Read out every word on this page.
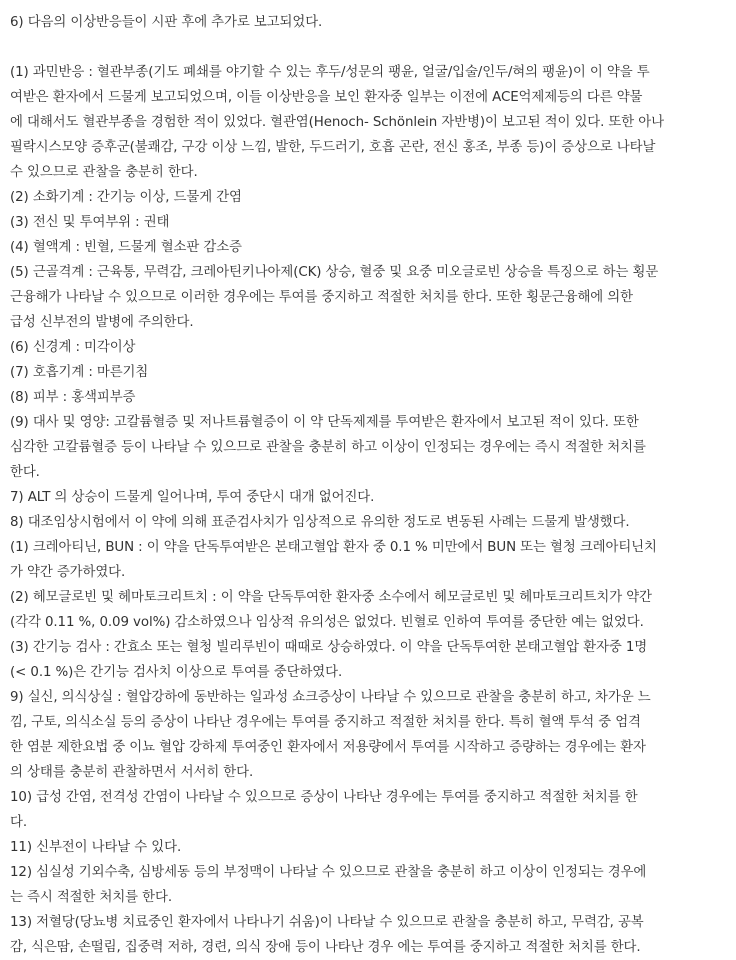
6) 다음의 이상반응들이 시판 후에 추가로 보고되었다.
(1) 과민반응 : 혈관부종(기도 폐쇄를 야기할 수 있는 후두/성문의 팽윤, 얼굴/입술/인두/혀의 팽윤)이 이 약을 투
여받은 환자에서 드물게 보고되었으며, 이들 이상반응을 보인 환자중 일부는 이전에 ACE억제제등의 다른 약물
에 대해서도 혈관부종을 경험한 적이 있었다. 혈관염(Henoch- Schönlein 자반병)이 보고된 적이 있다. 또한 아나
필락시스모양 증후군(불쾌감, 구강 이상 느낌, 발한, 두드러기, 호흡 곤란, 전신 홍조, 부종 등)이 증상으로 나타날
수 있으므로 관찰을 충분히 한다.
(2) 소화기계 : 간기능 이상, 드물게 간염
(3) 전신 및 투여부위 : 권태
(4) 혈액계 : 빈혈, 드물게 혈소판 감소증
(5) 근골격계 : 근육통, 무력감, 크레아틴키나아제(CK) 상승, 혈중 및 요중 미오글로빈 상승을 특징으로 하는 횡문
근융해가 나타날 수 있으므로 이러한 경우에는 투여를 중지하고 적절한 처치를 한다. 또한 횡문근융해에 의한
급성 신부전의 발병에 주의한다.
(6) 신경계 : 미각이상
(7) 호흡기계 : 마른기침
(8) 피부 : 홍색피부증
(9) 대사 및 영양: 고칼륨혈증 및 저나트륨혈증이 이 약 단독제제를 투여받은 환자에서 보고된 적이 있다. 또한
심각한 고칼륨혈증 등이 나타날 수 있으므로 관찰을 충분히 하고 이상이 인정되는 경우에는 즉시 적절한 처치를
한다.
7) ALT 의 상승이 드물게 일어나며, 투여 중단시 대개 없어진다.
8) 대조임상시험에서 이 약에 의해 표준검사치가 임상적으로 유의한 정도로 변동된 사례는 드물게 발생했다.
(1) 크레아티닌, BUN : 이 약을 단독투여받은 본태고혈압 환자 중 0.1 % 미만에서 BUN 또는 혈청 크레아티닌치
가 약간 증가하였다.
(2) 헤모글로빈 및 헤마토크리트치 : 이 약을 단독투여한 환자중 소수에서 헤모글로빈 및 헤마토크리트치가 약간
(각각 0.11 %, 0.09 vol%) 감소하였으나 임상적 유의성은 없었다. 빈혈로 인하여 투여를 중단한 예는 없었다.
(3) 간기능 검사 : 간효소 또는 혈청 빌리루빈이 때때로 상승하였다. 이 약을 단독투여한 본태고혈압 환자중 1명
(< 0.1 %)은 간기능 검사치 이상으로 투여를 중단하였다.
9) 실신, 의식상실 : 혈압강하에 동반하는 일과성 쇼크증상이 나타날 수 있으므로 관찰을 충분히 하고, 차가운 느
낌, 구토, 의식소실 등의 증상이 나타난 경우에는 투여를 중지하고 적절한 처치를 한다. 특히 혈액 투석 중 엄격
한 염분 제한요법 중 이뇨 혈압 강하제 투여중인 환자에서 저용량에서 투여를 시작하고 증량하는 경우에는 환자
의 상태를 충분히 관찰하면서 서서히 한다.
10) 급성 간염, 전격성 간염이 나타날 수 있으므로 증상이 나타난 경우에는 투여를 중지하고 적절한 처치를 한
다.
11) 신부전이 나타날 수 있다.
12) 심실성 기외수축, 심방세동 등의 부정맥이 나타날 수 있으므로 관찰을 충분히 하고 이상이 인정되는 경우에
는 즉시 적절한 처치를 한다.
13) 저혈당(당뇨병 치료중인 환자에서 나타나기 쉬움)이 나타날 수 있으므로 관찰을 충분히 하고, 무력감, 공복
감, 식은땀, 손떨림, 집중력 저하, 경련, 의식 장애 등이 나타난 경우 에는 투여를 중지하고 적절한 처치를 한다.
